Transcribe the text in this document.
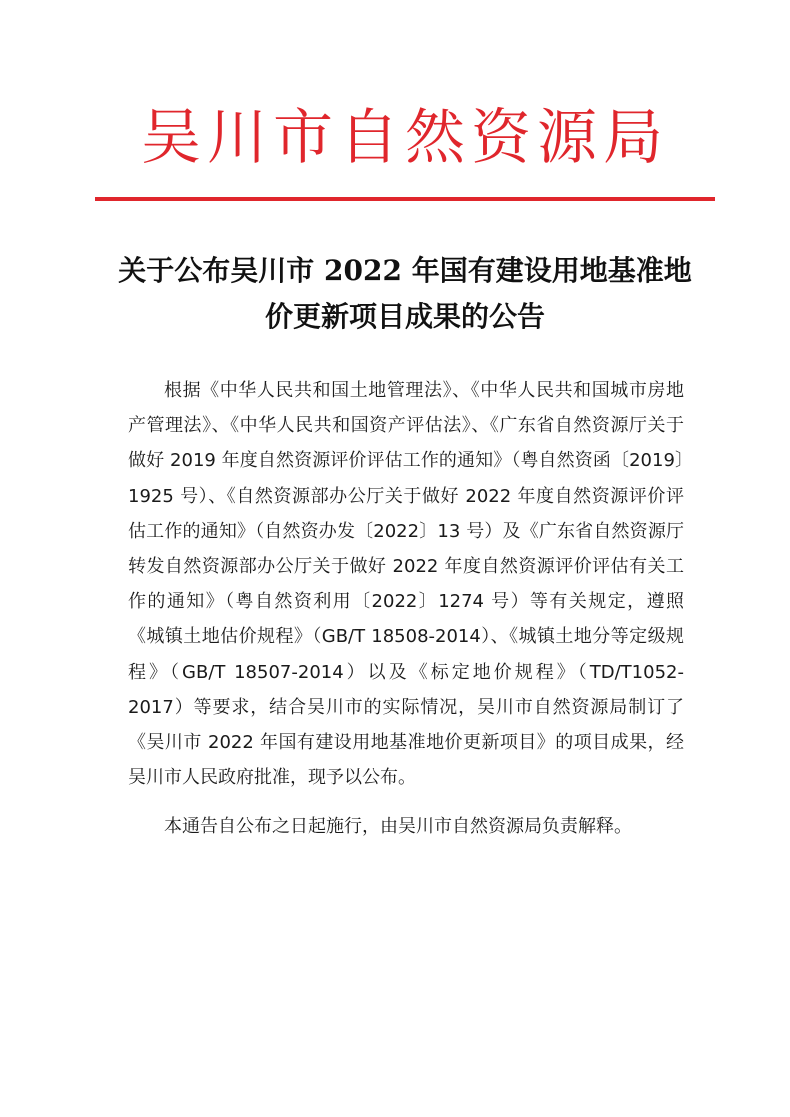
吴川市自然资源局
关于公布吴川市 2022 年国有建设用地基准地
价更新项目成果的公告

根据《中华人民共和国土地管理法》、《中华人民共和国城市房地产管理法》、《中华人民共和国资产评估法》、《广东省自然资源厅关于做好 2019 年度自然资源评价评估工作的通知》（粤自然资函〔2019〕1925 号）、《自然资源部办公厅关于做好 2022 年度自然资源评价评估工作的通知》（自然资办发〔2022〕13 号）及《广东省自然资源厅转发自然资源部办公厅关于做好 2022 年度自然资源评价评估有关工作的通知》（粤自然资利用〔2022〕1274 号）等有关规定，遵照《城镇土地估价规程》（GB/T 18508-2014）、《城镇土地分等定级规程》（GB/T 18507-2014）以及《标定地价规程》（TD/T1052-2017）等要求，结合吴川市的实际情况，吴川市自然资源局制订了《吴川市 2022 年国有建设用地基准地价更新项目》的项目成果，经吴川市人民政府批准，现予以公布。

本通告自公布之日起施行，由吴川市自然资源局负责解释。
